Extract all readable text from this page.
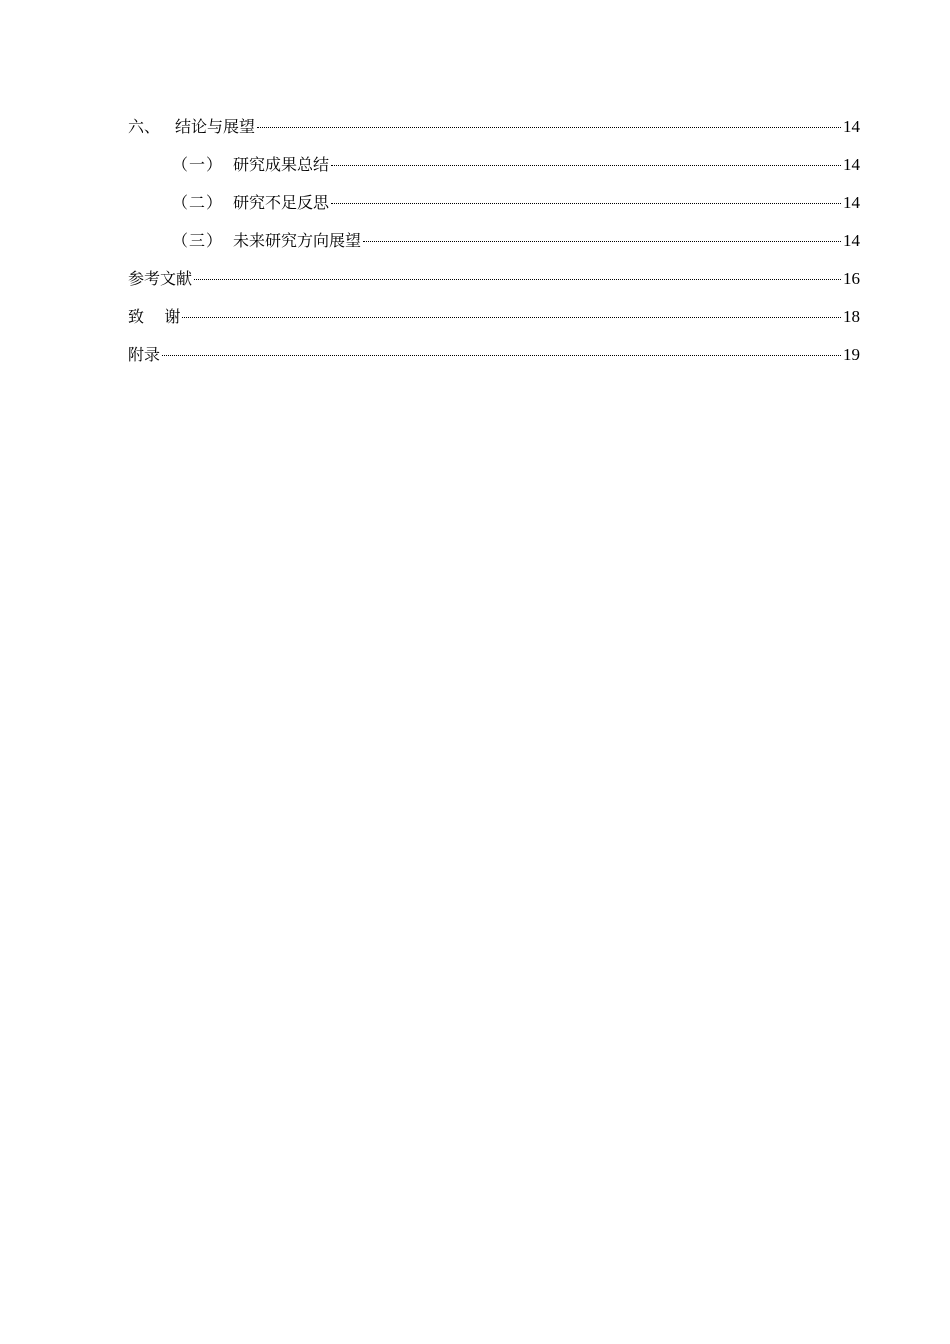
六、 结论与展望	14
（一） 研究成果总结	14
（二） 研究不足反思	14
（三） 未来研究方向展望	14
参考文献	16
致    谢	18
附录	19
